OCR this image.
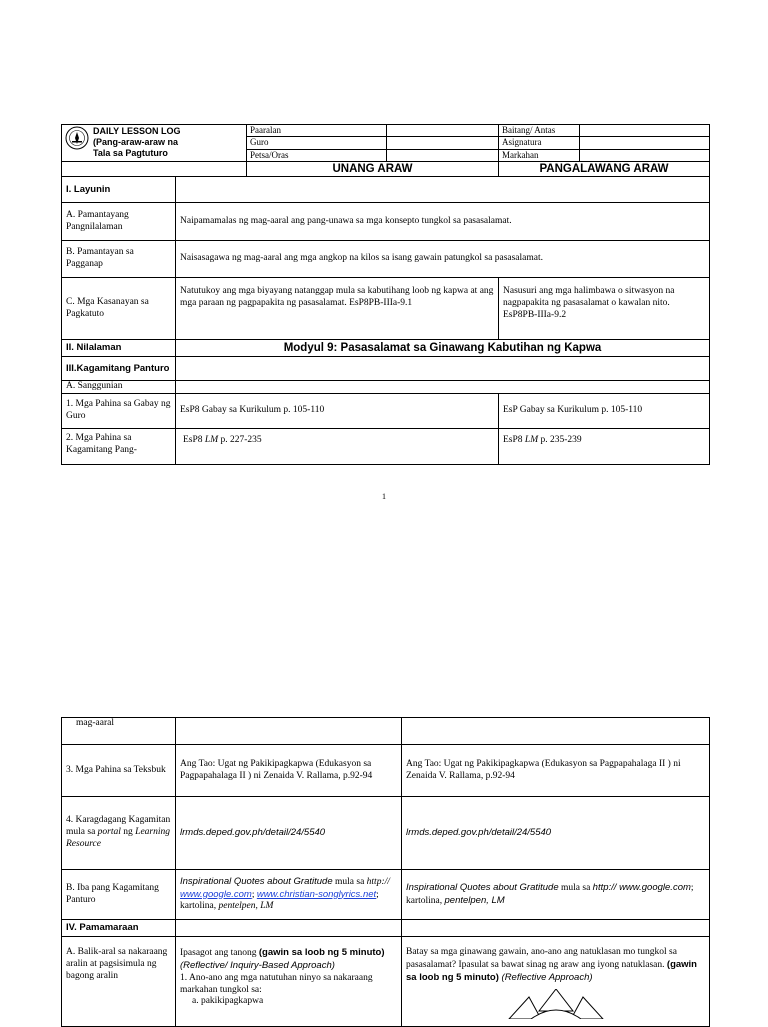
DAILY LESSON LOG
(Pang-araw-araw na
Tala sa Pagtuturo		Paaralan		Baitang/ Antas	
		Guro		Asignatura	
		Petsa/Oras		Markahan	
		UNANG ARAW		PANGALAWANG ARAW	
I. Layunin					
A. Pamantayang Pangnilalaman	Naipamamalas ng mag-aaral ang pang-unawa sa mga konsepto tungkol sa pasasalamat.				
B. Pamantayan sa Pagganap	Naisasagawa ng mag-aaral ang mga angkop na kilos sa isang gawain patungkol sa pasasalamat.				
C. Mga Kasanayan sa Pagkatuto	Natutukoy ang mga biyayang natanggap mula sa kabutihang loob ng kapwa at ang mga paraan ng pagpapakita ng pasasalamat. EsP8PB-IIIa-9.1			Nasusuri ang mga halimbawa o sitwasyon na nagpapakita ng pasasalamat o kawalan nito. EsP8PB-IIIa-9.2	
II. Nilalaman	Modyul 9: Pasasalamat sa Ginawang Kabutihan ng Kapwa				
III.Kagamitang Panturo					
A. Sanggunian					
1. Mga Pahina sa Gabay ng Guro	EsP8 Gabay sa Kurikulum p. 105-110			EsP Gabay sa Kurikulum p. 105-110	
2. Mga Pahina sa Kagamitang Pang-	EsP8 LM p. 227-235			EsP8 LM p. 235-239	
1
mag-aaral		
3. Mga Pahina sa Teksbuk	Ang Tao: Ugat ng Pakikipagkapwa (Edukasyon sa Pagpapahalaga II ) ni Zenaida V. Rallama, p.92-94	Ang Tao: Ugat ng Pakikipagkapwa (Edukasyon sa Pagpapahalaga II ) ni Zenaida V. Rallama, p.92-94
4. Karagdagang Kagamitan mula sa portal ng Learning Resource	lrmds.deped.gov.ph/detail/24/5540	lrmds.deped.gov.ph/detail/24/5540
B. Iba pang Kagamitang Panturo	Inspirational Quotes about Gratitude mula sa http:// www.google.com; www.christian-songlyrics.net; kartolina, pentelpen, LM	Inspirational Quotes about Gratitude mula sa http:// www.google.com; kartolina, pentelpen, LM
IV. Pamamaraan		
A. Balik-aral sa nakaraang aralin at pagsisimula ng bagong aralin	Ipasagot ang tanong (gawin sa loob ng 5 minuto) (Reflective/ Inquiry-Based Approach)
1. Ano-ano ang mga natutuhan ninyo sa nakaraang markahan tungkol sa:
a. pakikipagkapwa	Batay sa mga ginawang gawain, ano-ano ang natuklasan mo tungkol sa pasasalamat? Ipasulat sa bawat sinag ng araw ang iyong natuklasan. (gawin sa loob ng 5 minuto) (Reflective Approach)
